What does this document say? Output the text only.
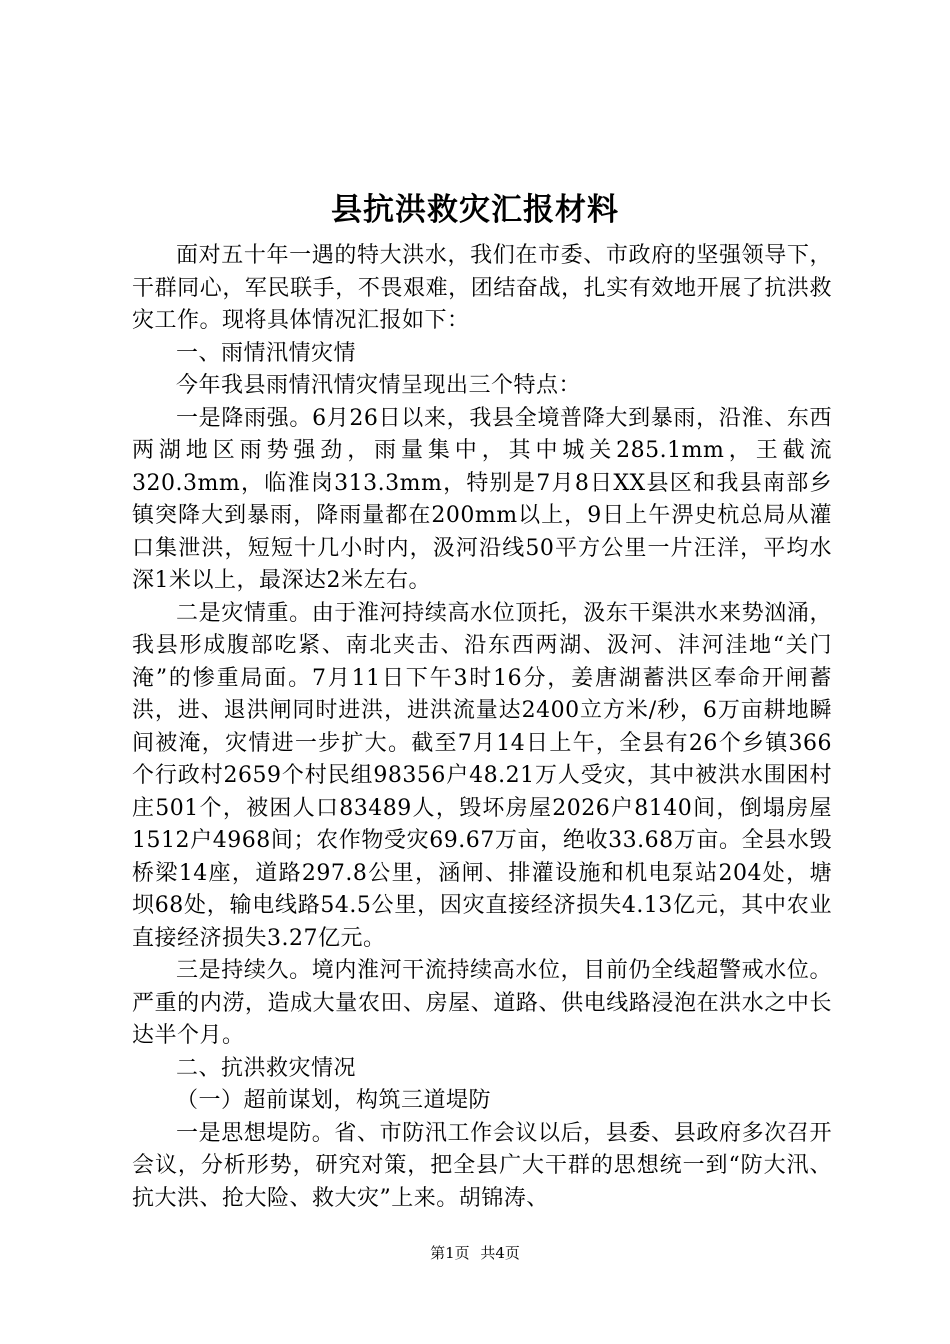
县抗洪救灾汇报材料

面对五十年一遇的特大洪水，我们在市委、市政府的坚强领导下，干群同心，军民联手，不畏艰难，团结奋战，扎实有效地开展了抗洪救灾工作。现将具体情况汇报如下：

一、雨情汛情灾情

今年我县雨情汛情灾情呈现出三个特点：

一是降雨强。6月26日以来，我县全境普降大到暴雨，沿淮、东西两湖地区雨势强劲，雨量集中，其中城关285.1mm，王截流320.3mm，临淮岗313.3mm，特别是7月8日XX县区和我县南部乡镇突降大到暴雨，降雨量都在200mm以上，9日上午淠史杭总局从灌口集泄洪，短短十几小时内，汲河沿线50平方公里一片汪洋，平均水深1米以上，最深达2米左右。

二是灾情重。由于淮河持续高水位顶托，汲东干渠洪水来势汹涌，我县形成腹部吃紧、南北夹击、沿东西两湖、汲河、沣河洼地“关门淹”的惨重局面。7月11日下午3时16分，姜唐湖蓄洪区奉命开闸蓄洪，进、退洪闸同时进洪，进洪流量达2400立方米/秒，6万亩耕地瞬间被淹，灾情进一步扩大。截至7月14日上午，全县有26个乡镇366个行政村2659个村民组98356户48.21万人受灾，其中被洪水围困村庄501个，被困人口83489人，毁坏房屋2026户8140间，倒塌房屋1512户4968间；农作物受灾69.67万亩，绝收33.68万亩。全县水毁桥梁14座，道路297.8公里，涵闸、排灌设施和机电泵站204处，塘坝68处，输电线路54.5公里，因灾直接经济损失4.13亿元，其中农业直接经济损失3.27亿元。

三是持续久。境内淮河干流持续高水位，目前仍全线超警戒水位。严重的内涝，造成大量农田、房屋、道路、供电线路浸泡在洪水之中长达半个月。

二、抗洪救灾情况

（一）超前谋划，构筑三道堤防

一是思想堤防。省、市防汛工作会议以后，县委、县政府多次召开会议，分析形势，研究对策，把全县广大干群的思想统一到“防大汛、抗大洪、抢大险、救大灾”上来。胡锦涛、

第1页 共4页
